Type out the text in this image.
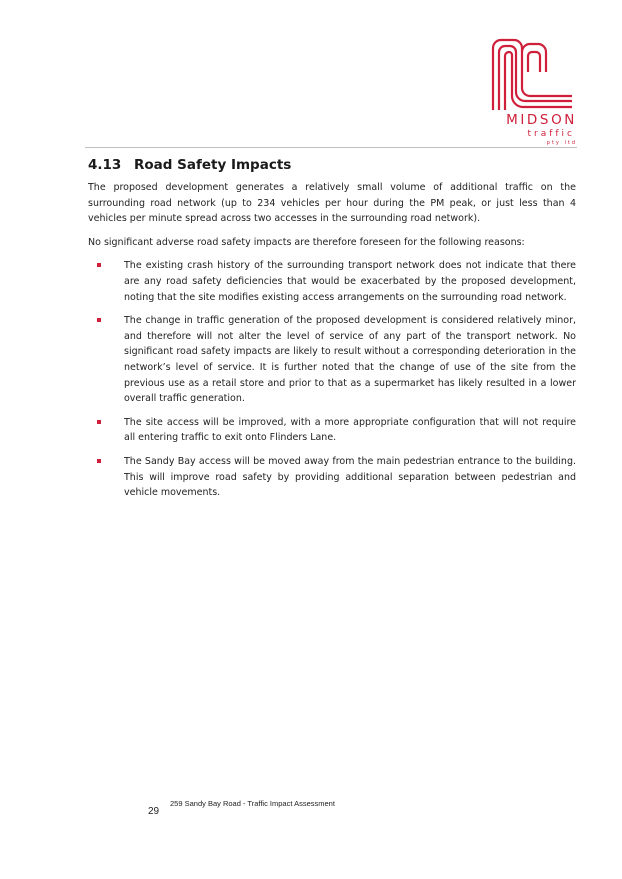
MIDSON
traffic
pty ltd
4.13 Road Safety Impacts

The proposed development generates a relatively small volume of additional traffic on the surrounding road network (up to 234 vehicles per hour during the PM peak, or just less than 4 vehicles per minute spread across two accesses in the surrounding road network).

No significant adverse road safety impacts are therefore foreseen for the following reasons:

The existing crash history of the surrounding transport network does not indicate that there are any road safety deficiencies that would be exacerbated by the proposed development, noting that the site modifies existing access arrangements on the surrounding road network.
The change in traffic generation of the proposed development is considered relatively minor, and therefore will not alter the level of service of any part of the transport network. No significant road safety impacts are likely to result without a corresponding deterioration in the network’s level of service. It is further noted that the change of use of the site from the previous use as a retail store and prior to that as a supermarket has likely resulted in a lower overall traffic generation.
The site access will be improved, with a more appropriate configuration that will not require all entering traffic to exit onto Flinders Lane.
The Sandy Bay access will be moved away from the main pedestrian entrance to the building. This will improve road safety by providing additional separation between pedestrian and vehicle movements.
29
259 Sandy Bay Road - Traffic Impact Assessment
